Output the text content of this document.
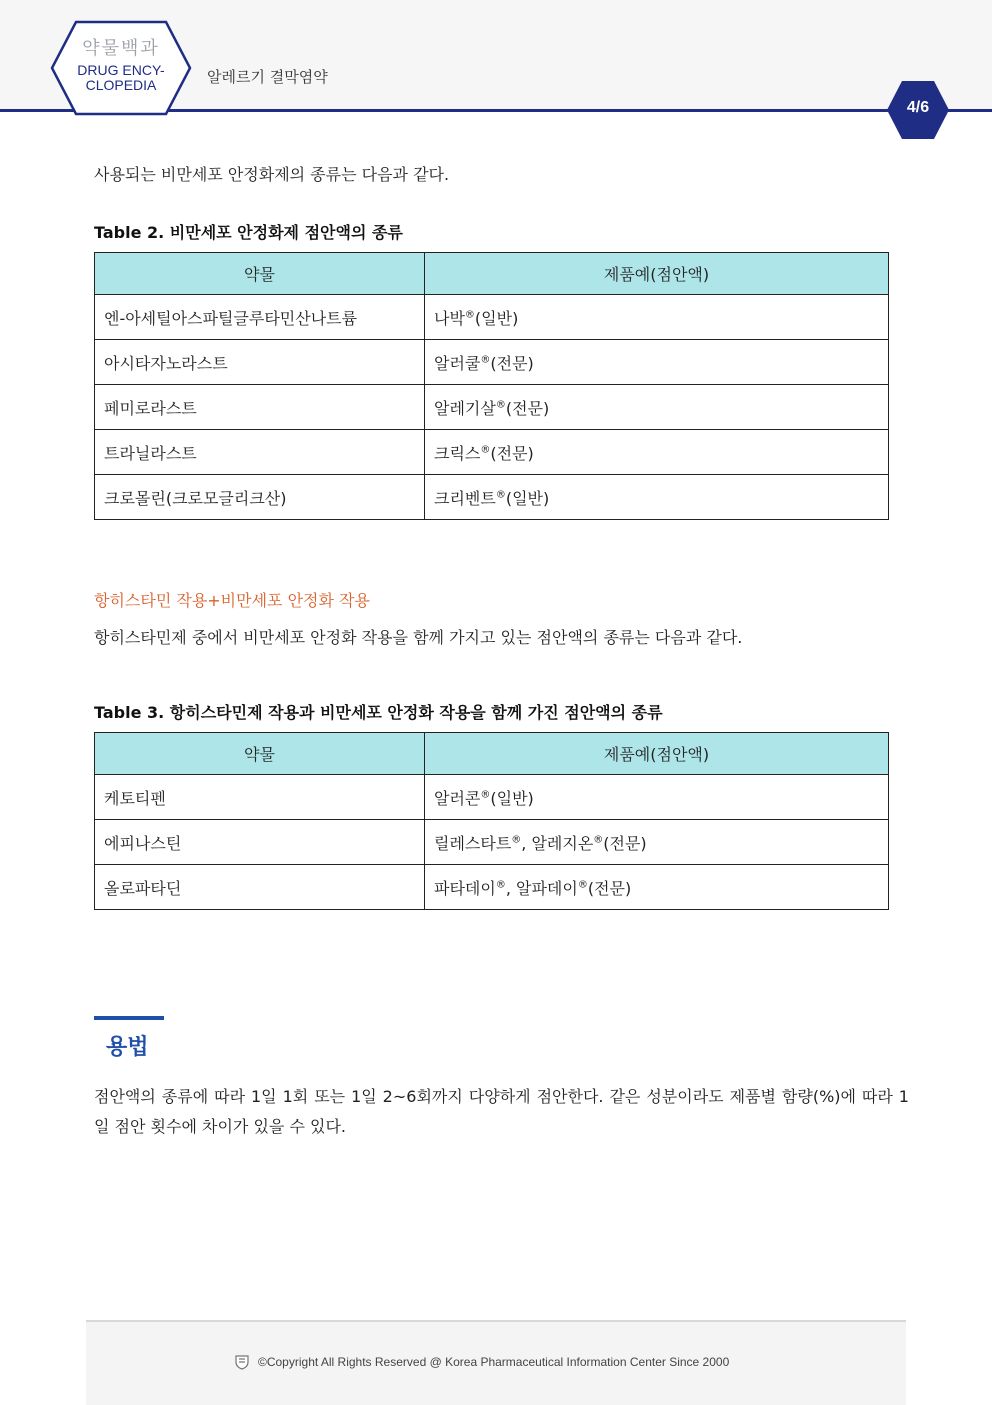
약물백과
DRUG ENCY-
CLOPEDIA	알레르기 결막염약
4/6
사용되는 비만세포 안정화제의 종류는 다음과 같다.
Table 2. 비만세포 안정화제 점안액의 종류
약물	제품예(점안액)
엔-아세틸아스파틸글루타민산나트륨	나박®(일반)
아시타자노라스트	알러쿨®(전문)
페미로라스트	알레기살®(전문)
트라닐라스트	크릭스®(전문)
크로몰린(크로모글리크산)	크리벤트®(일반)
항히스타민 작용+비만세포 안정화 작용
항히스타민제 중에서 비만세포 안정화 작용을 함께 가지고 있는 점안액의 종류는 다음과 같다.
Table 3. 항히스타민제 작용과 비만세포 안정화 작용을 함께 가진 점안액의 종류
약물	제품예(점안액)
케토티펜	알러콘®(일반)
에피나스틴	릴레스타트®, 알레지온®(전문)
올로파타딘	파타데이®, 알파데이®(전문)
용법
점안액의 종류에 따라 1일 1회 또는 1일 2~6회까지 다양하게 점안한다. 같은 성분이라도 제품별 함량(%)에 따라 1일 점안 횟수에 차이가 있을 수 있다.
©Copyright All Rights Reserved @ Korea Pharmaceutical Information Center Since 2000
